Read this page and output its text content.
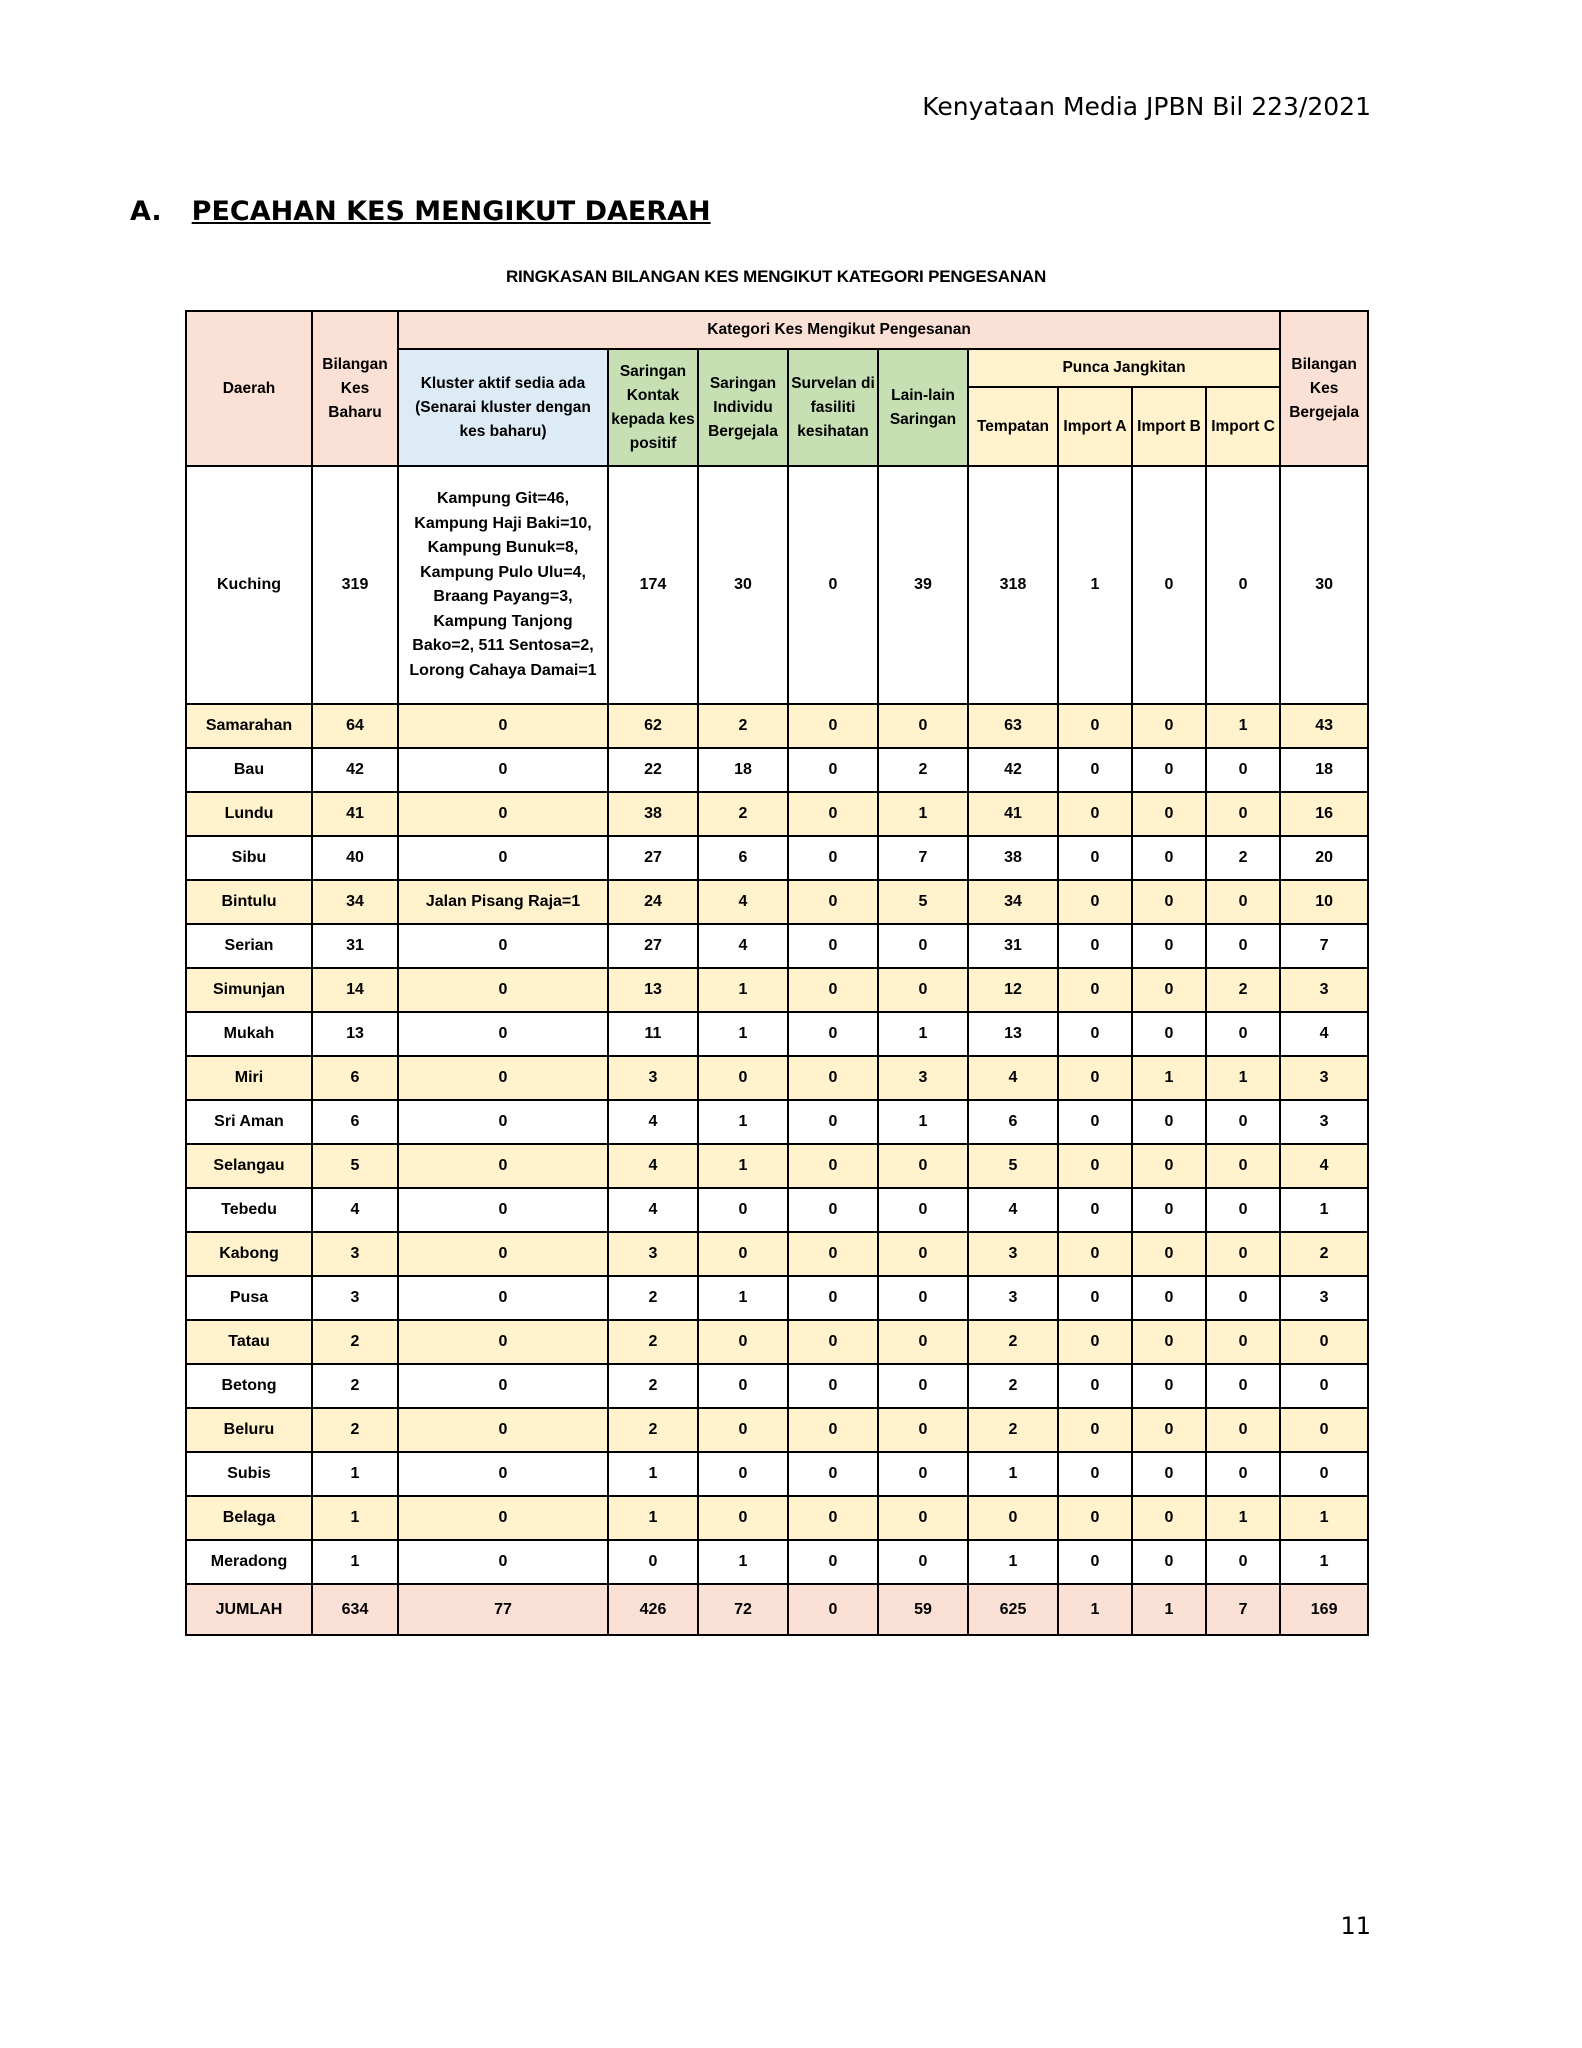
Kenyataan Media JPBN Bil 223/2021
A. PECAHAN KES MENGIKUT DAERAH
RINGKASAN BILANGAN KES MENGIKUT KATEGORI PENGESANAN
Daerah	Bilangan Kes Baharu	Kategori Kes Mengikut Pengesanan									Bilangan Kes Bergejala
		Kluster aktif sedia ada (Senarai kluster dengan kes baharu)	Saringan Kontak kepada kes positif	Saringan Individu Bergejala	Survelan di fasiliti kesihatan	Lain-lain Saringan	Punca Jangkitan				
							Tempatan	Import A	Import B	Import C	
Kuching	319	Kampung Git=46, Kampung Haji Baki=10, Kampung Bunuk=8, Kampung Pulo Ulu=4, Braang Payang=3, Kampung Tanjong Bako=2, 511 Sentosa=2, Lorong Cahaya Damai=1	174	30	0	39	318	1	0	0	30
Samarahan	64	0	62	2	0	0	63	0	0	1	43
Bau	42	0	22	18	0	2	42	0	0	0	18
Lundu	41	0	38	2	0	1	41	0	0	0	16
Sibu	40	0	27	6	0	7	38	0	0	2	20
Bintulu	34	Jalan Pisang Raja=1	24	4	0	5	34	0	0	0	10
Serian	31	0	27	4	0	0	31	0	0	0	7
Simunjan	14	0	13	1	0	0	12	0	0	2	3
Mukah	13	0	11	1	0	1	13	0	0	0	4
Miri	6	0	3	0	0	3	4	0	1	1	3
Sri Aman	6	0	4	1	0	1	6	0	0	0	3
Selangau	5	0	4	1	0	0	5	0	0	0	4
Tebedu	4	0	4	0	0	0	4	0	0	0	1
Kabong	3	0	3	0	0	0	3	0	0	0	2
Pusa	3	0	2	1	0	0	3	0	0	0	3
Tatau	2	0	2	0	0	0	2	0	0	0	0
Betong	2	0	2	0	0	0	2	0	0	0	0
Beluru	2	0	2	0	0	0	2	0	0	0	0
Subis	1	0	1	0	0	0	1	0	0	0	0
Belaga	1	0	1	0	0	0	0	0	0	1	1
Meradong	1	0	0	1	0	0	1	0	0	0	1
JUMLAH	634	77	426	72	0	59	625	1	1	7	169
11
